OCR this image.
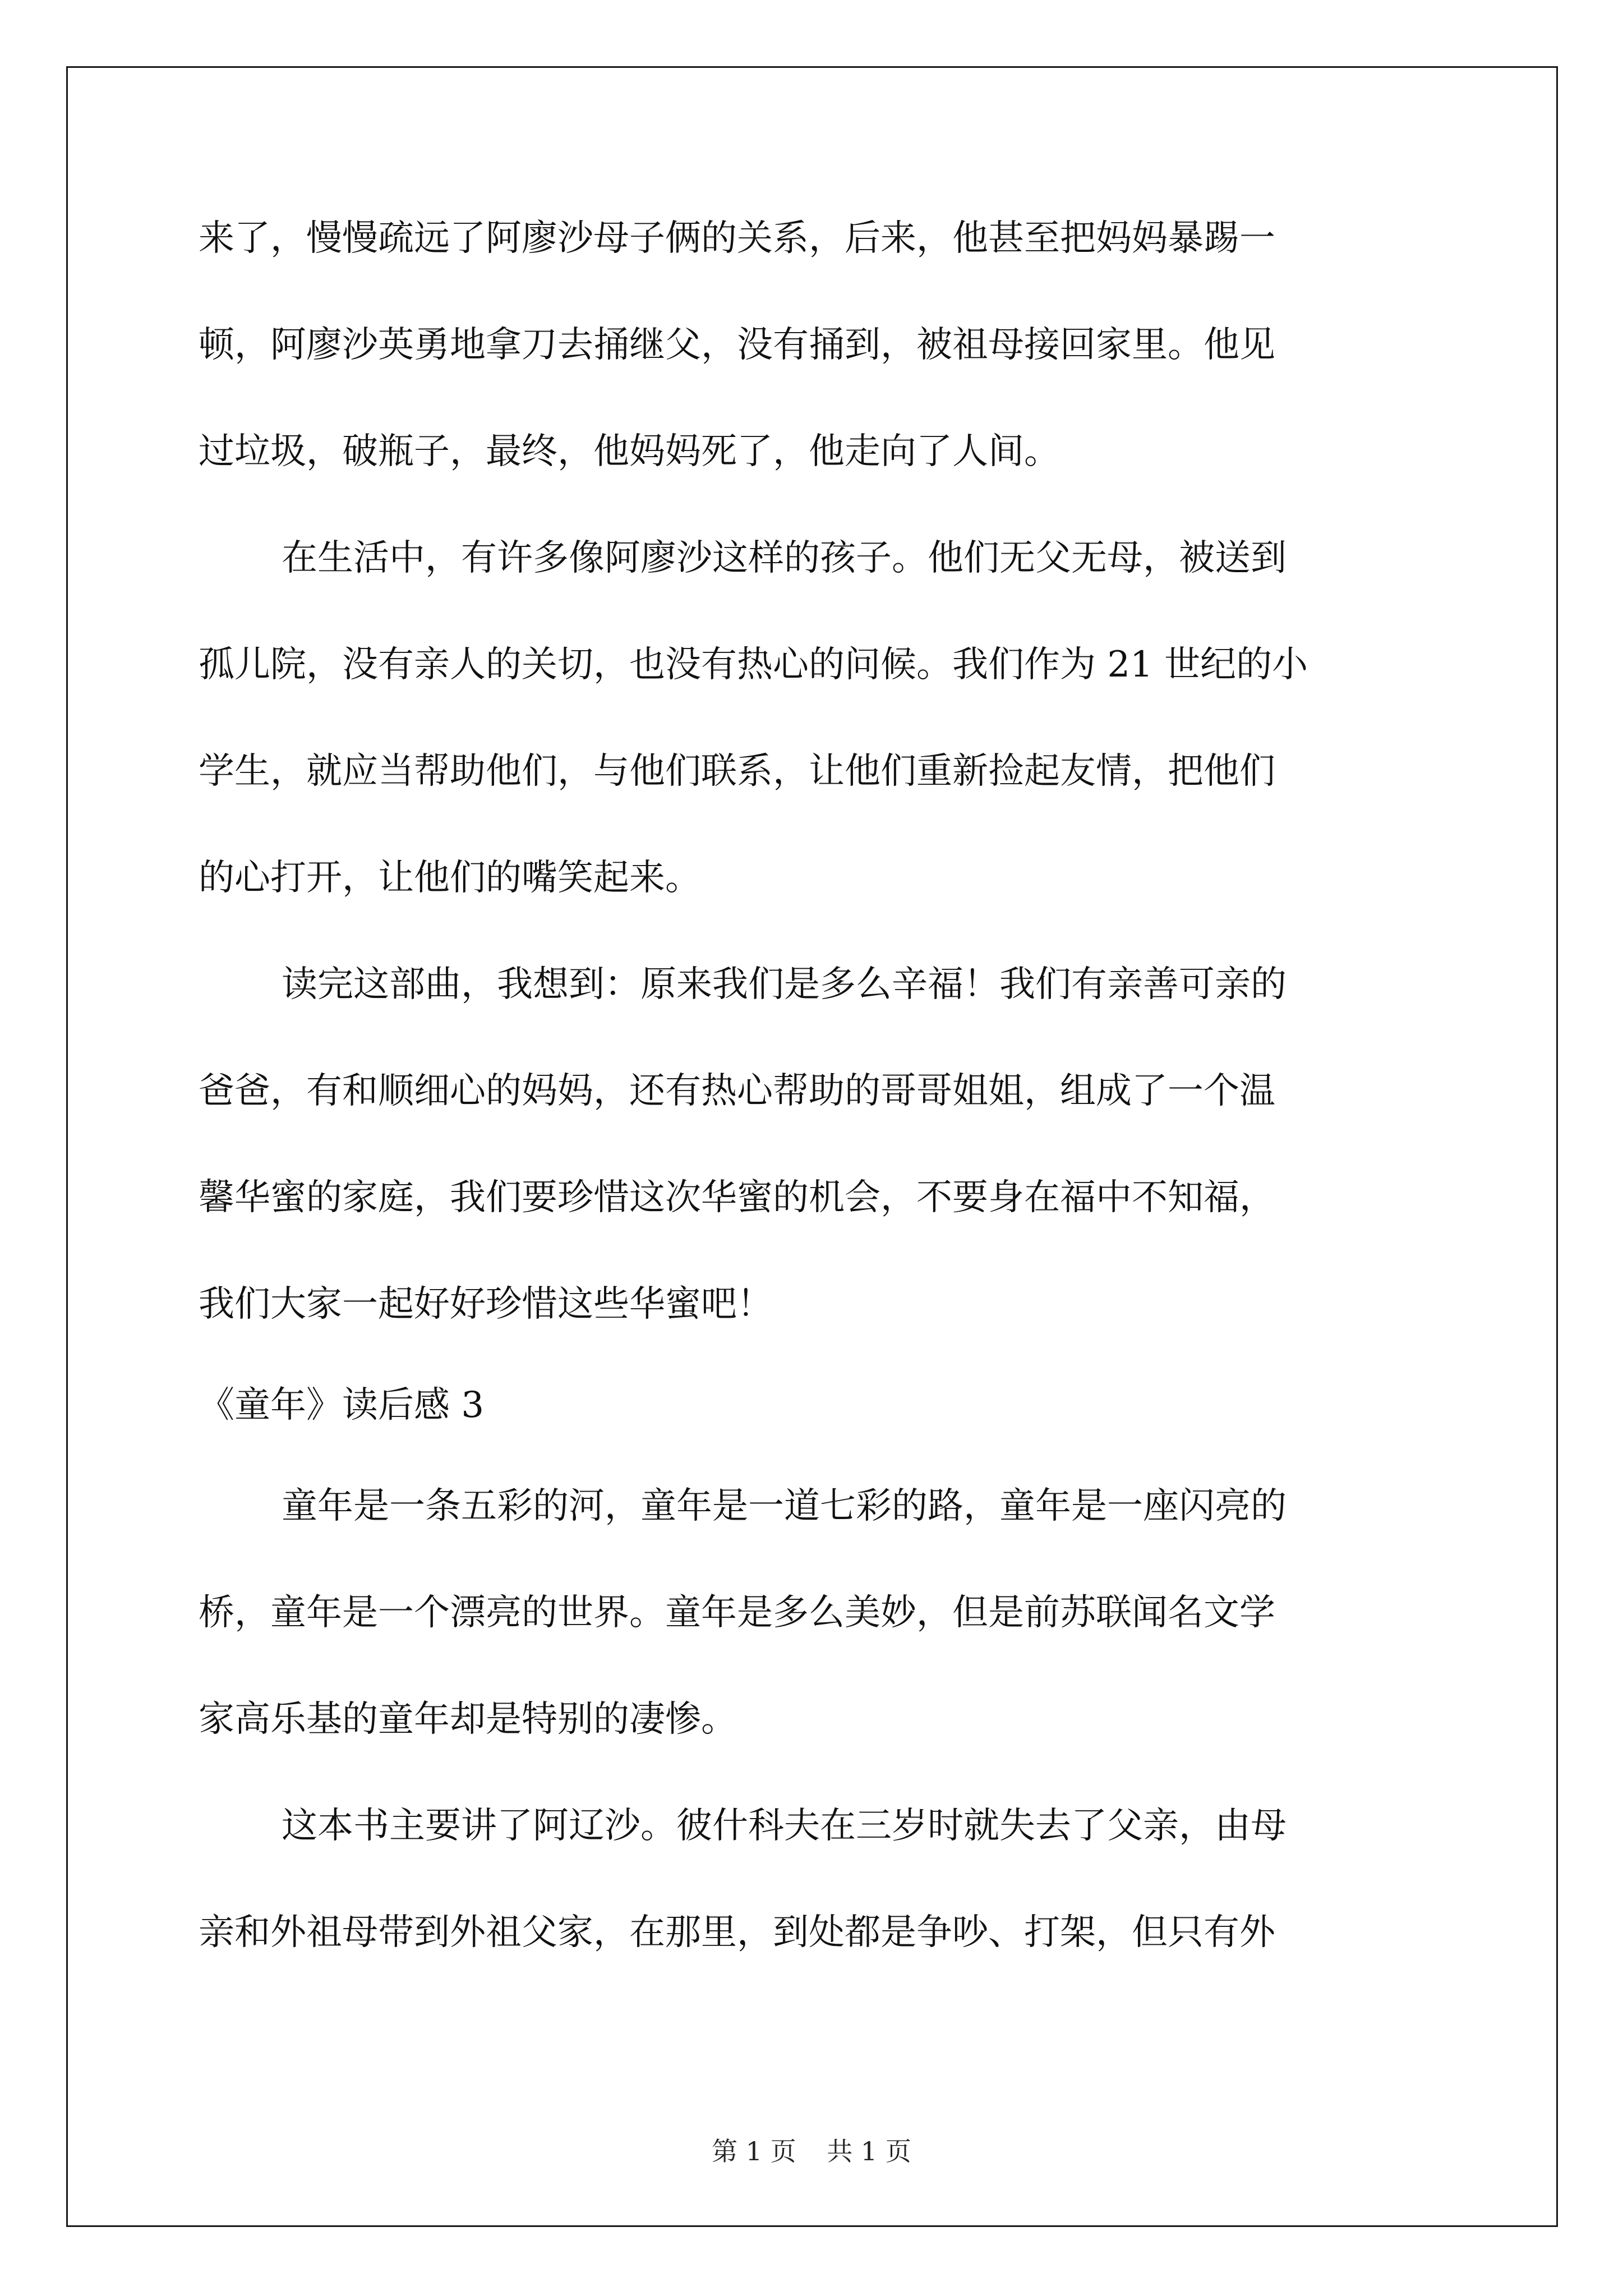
来了，慢慢疏远了阿廖沙母子俩的关系，后来，他甚至把妈妈暴踢一
顿，阿廖沙英勇地拿刀去捅继父，没有捅到，被祖母接回家里。他见
过垃圾，破瓶子，最终，他妈妈死了，他走向了人间。
在生活中，有许多像阿廖沙这样的孩子。他们无父无母，被送到
孤儿院，没有亲人的关切，也没有热心的问候。我们作为 21 世纪的小
学生，就应当帮助他们，与他们联系，让他们重新捡起友情，把他们
的心打开，让他们的嘴笑起来。
读完这部曲，我想到：原来我们是多么辛福！我们有亲善可亲的
爸爸，有和顺细心的妈妈，还有热心帮助的哥哥姐姐，组成了一个温
馨华蜜的家庭，我们要珍惜这次华蜜的机会，不要身在福中不知福，
我们大家一起好好珍惜这些华蜜吧！
《童年》读后感 3
童年是一条五彩的河，童年是一道七彩的路，童年是一座闪亮的
桥，童年是一个漂亮的世界。童年是多么美妙，但是前苏联闻名文学
家高乐基的童年却是特别的凄惨。
这本书主要讲了阿辽沙。彼什科夫在三岁时就失去了父亲，由母
亲和外祖母带到外祖父家，在那里，到处都是争吵、打架，但只有外
第 1 页 共 1 页
